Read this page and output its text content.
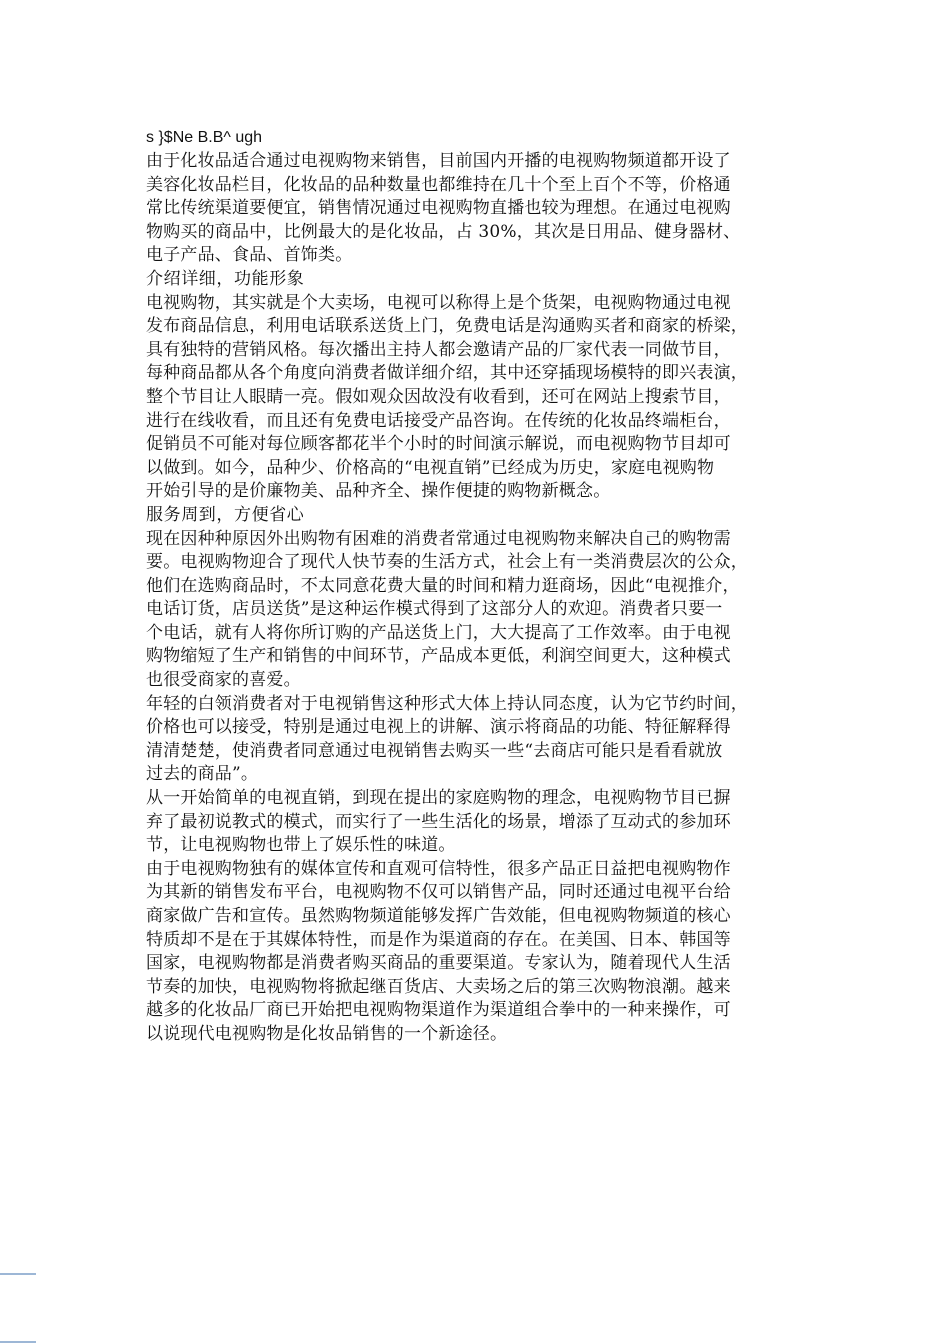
s }$Ne B.B^ ugh

由于化妆品适合通过电视购物来销售，目前国内开播的电视购物频道都开设了
美容化妆品栏目，化妆品的品种数量也都维持在几十个至上百个不等，价格通
常比传统渠道要便宜，销售情况通过电视购物直播也较为理想。在通过电视购
物购买的商品中，比例最大的是化妆品，占 30%，其次是日用品、健身器材、
电子产品、食品、首饰类。

介绍详细，功能形象

电视购物，其实就是个大卖场，电视可以称得上是个货架，电视购物通过电视
发布商品信息，利用电话联系送货上门，免费电话是沟通购买者和商家的桥梁，
具有独特的营销风格。每次播出主持人都会邀请产品的厂家代表一同做节目，
每种商品都从各个角度向消费者做详细介绍，其中还穿插现场模特的即兴表演，
整个节目让人眼睛一亮。假如观众因故没有收看到，还可在网站上搜索节目，
进行在线收看，而且还有免费电话接受产品咨询。在传统的化妆品终端柜台，
促销员不可能对每位顾客都花半个小时的时间演示解说，而电视购物节目却可
以做到。如今，品种少、价格高的“电视直销”已经成为历史，家庭电视购物
开始引导的是价廉物美、品种齐全、操作便捷的购物新概念。

服务周到，方便省心

现在因种种原因外出购物有困难的消费者常通过电视购物来解决自己的购物需
要。电视购物迎合了现代人快节奏的生活方式，社会上有一类消费层次的公众，
他们在选购商品时，不太同意花费大量的时间和精力逛商场，因此“电视推介，
电话订货，店员送货”是这种运作模式得到了这部分人的欢迎。消费者只要一
个电话，就有人将你所订购的产品送货上门，大大提高了工作效率。由于电视
购物缩短了生产和销售的中间环节，产品成本更低，利润空间更大，这种模式
也很受商家的喜爱。

年轻的白领消费者对于电视销售这种形式大体上持认同态度，认为它节约时间，
价格也可以接受，特别是通过电视上的讲解、演示将商品的功能、特征解释得
清清楚楚，使消费者同意通过电视销售去购买一些“去商店可能只是看看就放
过去的商品”。

从一开始简单的电视直销，到现在提出的家庭购物的理念，电视购物节目已摒
弃了最初说教式的模式，而实行了一些生活化的场景，增添了互动式的参加环
节，让电视购物也带上了娱乐性的味道。

由于电视购物独有的媒体宣传和直观可信特性，很多产品正日益把电视购物作
为其新的销售发布平台，电视购物不仅可以销售产品，同时还通过电视平台给
商家做广告和宣传。虽然购物频道能够发挥广告效能，但电视购物频道的核心
特质却不是在于其媒体特性，而是作为渠道商的存在。在美国、日本、韩国等
国家，电视购物都是消费者购买商品的重要渠道。专家认为，随着现代人生活
节奏的加快，电视购物将掀起继百货店、大卖场之后的第三次购物浪潮。越来
越多的化妆品厂商已开始把电视购物渠道作为渠道组合拳中的一种来操作，可
以说现代电视购物是化妆品销售的一个新途径。
